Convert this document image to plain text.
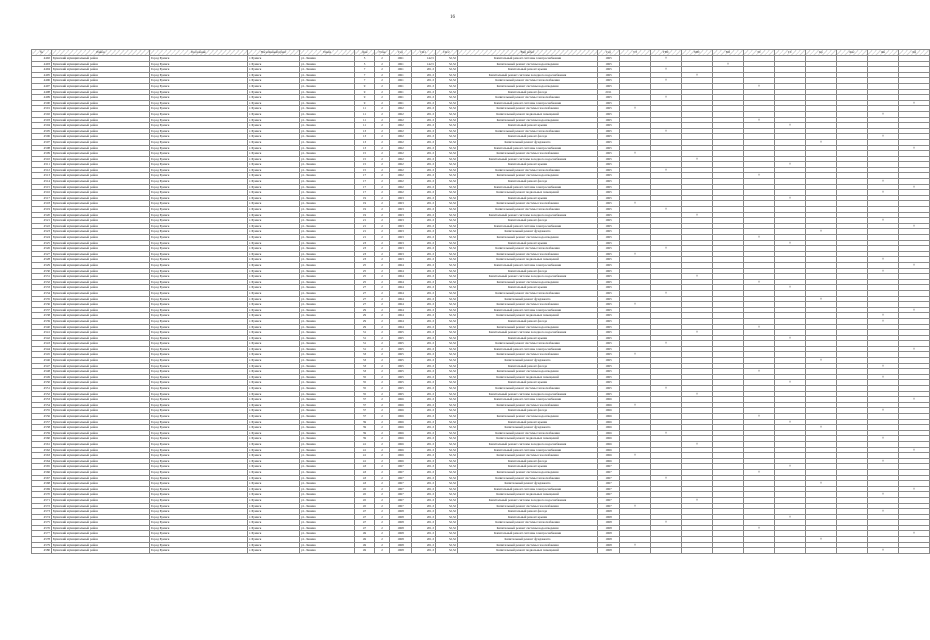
16
№	Район	Поселение	Населённый пункт	Улица	Дом	Этаж	Год	Пл.1	Пл.2	Вид работ	Год	ТЭ	ГВС	ХВС	ВО	ЭС	ГС	Кр	Фас	Фн	Лф
4492	Буинский муниципальный район	Город Буинск	г. Буинск	ул. Ленина	5	2	1961	142,5	52,52	Капитальный ремонт системы электроснабжения	1965		×								
4493	Буинский муниципальный район	Город Буинск	г. Буинск	ул. Ленина	5	2	1961	142,5	52,52	Капитальный ремонт системы водоотведения	1965				×						
4494	Буинский муниципальный район	Город Буинск	г. Буинск	ул. Ленина	7	2	1961	201,3	52,52	Капитальный ремонт крыши	1965		×								
4495	Буинский муниципальный район	Город Буинск	г. Буинск	ул. Ленина	7	2	1961	201,3	52,52	Капитальный ремонт системы холодного водоснабжения	1965			×							
4496	Буинский муниципальный район	Город Буинск	г. Буинск	ул. Ленина	7	2	1961	201,3	52,52	Капитальный ремонт системы теплоснабжения	1965		×								
4497	Буинский муниципальный район	Город Буинск	г. Буинск	ул. Ленина	9	2	1961	201,3	52,52	Капитальный ремонт системы водоотведения	1965					×					
4498	Буинский муниципальный район	Город Буинск	г. Буинск	ул. Ленина	9	2	1961	201,3	52,52	Капитальный ремонт фасада	2011										
4499	Буинский муниципальный район	Город Буинск	г. Буинск	ул. Ленина	9	2	1961	201,3	52,52	Капитальный ремонт системы теплоснабжения	1965		×								
4500	Буинский муниципальный район	Город Буинск	г. Буинск	ул. Ленина	9	2	1961	201,3	52,52	Капитальный ремонт системы электроснабжения	1965										×
4501	Буинский муниципальный район	Город Буинск	г. Буинск	ул. Ленина	11	2	1962	201,3	52,52	Капитальный ремонт системы газоснабжения	1965	×									
4502	Буинский муниципальный район	Город Буинск	г. Буинск	ул. Ленина	11	2	1962	201,3	52,52	Капитальный ремонт подвальных помещений	1965									×	
4503	Буинский муниципальный район	Город Буинск	г. Буинск	ул. Ленина	11	2	1962	201,3	52,52	Капитальный ремонт системы водоотведения	1965					×					
4504	Буинский муниципальный район	Город Буинск	г. Буинск	ул. Ленина	11	2	1962	201,3	52,52	Капитальный ремонт крыши	1965						×				
4505	Буинский муниципальный район	Город Буинск	г. Буинск	ул. Ленина	13	2	1962	201,3	52,52	Капитальный ремонт системы теплоснабжения	1965		×								
4506	Буинский муниципальный район	Город Буинск	г. Буинск	ул. Ленина	13	2	1962	201,3	52,52	Капитальный ремонт фасада	1965									×	
4507	Буинский муниципальный район	Город Буинск	г. Буинск	ул. Ленина	13	2	1962	201,3	52,52	Капитальный ремонт фундамента	1965							×			
4508	Буинский муниципальный район	Город Буинск	г. Буинск	ул. Ленина	13	2	1962	201,3	52,52	Капитальный ремонт системы электроснабжения	1965										×
4509	Буинский муниципальный район	Город Буинск	г. Буинск	ул. Ленина	15	2	1962	201,3	52,52	Капитальный ремонт системы газоснабжения	1965	×									
4510	Буинский муниципальный район	Город Буинск	г. Буинск	ул. Ленина	15	2	1962	201,3	52,52	Капитальный ремонт системы холодного водоснабжения	1965			×							
4511	Буинский муниципальный район	Город Буинск	г. Буинск	ул. Ленина	15	2	1962	201,3	52,52	Капитальный ремонт крыши	1965						×				
4512	Буинский муниципальный район	Город Буинск	г. Буинск	ул. Ленина	15	2	1962	201,3	52,52	Капитальный ремонт системы теплоснабжения	1965		×								
4513	Буинский муниципальный район	Город Буинск	г. Буинск	ул. Ленина	17	2	1962	201,3	52,52	Капитальный ремонт системы водоотведения	1965					×					
4514	Буинский муниципальный район	Город Буинск	г. Буинск	ул. Ленина	17	2	1962	201,3	52,52	Капитальный ремонт фасада	1965									×	
4515	Буинский муниципальный район	Город Буинск	г. Буинск	ул. Ленина	17	2	1962	201,3	52,52	Капитальный ремонт системы электроснабжения	1965										×
4516	Буинский муниципальный район	Город Буинск	г. Буинск	ул. Ленина	17	2	1962	201,3	52,52	Капитальный ремонт подвальных помещений	1965									×	
4517	Буинский муниципальный район	Город Буинск	г. Буинск	ул. Ленина	19	2	1963	201,3	52,52	Капитальный ремонт крыши	1965						×				
4518	Буинский муниципальный район	Город Буинск	г. Буинск	ул. Ленина	19	2	1963	201,3	52,52	Капитальный ремонт системы газоснабжения	1965	×									
4519	Буинский муниципальный район	Город Буинск	г. Буинск	ул. Ленина	19	2	1963	201,3	52,52	Капитальный ремонт системы теплоснабжения	1965		×								
4520	Буинский муниципальный район	Город Буинск	г. Буинск	ул. Ленина	19	2	1963	201,3	52,52	Капитальный ремонт системы холодного водоснабжения	1965			×							
4521	Буинский муниципальный район	Город Буинск	г. Буинск	ул. Ленина	21	2	1963	201,3	52,52	Капитальный ремонт фасада	1965									×	
4522	Буинский муниципальный район	Город Буинск	г. Буинск	ул. Ленина	21	2	1963	201,3	52,52	Капитальный ремонт системы электроснабжения	1965										×
4523	Буинский муниципальный район	Город Буинск	г. Буинск	ул. Ленина	21	2	1963	201,3	52,52	Капитальный ремонт фундамента	1965							×			
4524	Буинский муниципальный район	Город Буинск	г. Буинск	ул. Ленина	21	2	1963	201,3	52,52	Капитальный ремонт системы водоотведения	1965					×					
4525	Буинский муниципальный район	Город Буинск	г. Буинск	ул. Ленина	23	2	1963	201,3	52,52	Капитальный ремонт крыши	1965						×				
4526	Буинский муниципальный район	Город Буинск	г. Буинск	ул. Ленина	23	2	1963	201,3	52,52	Капитальный ремонт системы теплоснабжения	1965		×								
4527	Буинский муниципальный район	Город Буинск	г. Буинск	ул. Ленина	23	2	1963	201,3	52,52	Капитальный ремонт системы газоснабжения	1965	×									
4528	Буинский муниципальный район	Город Буинск	г. Буинск	ул. Ленина	23	2	1963	201,3	52,52	Капитальный ремонт подвальных помещений	1965									×	
4529	Буинский муниципальный район	Город Буинск	г. Буинск	ул. Ленина	25	2	1964	201,3	52,52	Капитальный ремонт системы электроснабжения	1965										×
4530	Буинский муниципальный район	Город Буинск	г. Буинск	ул. Ленина	25	2	1964	201,3	52,52	Капитальный ремонт фасада	1965									×	
4531	Буинский муниципальный район	Город Буинск	г. Буинск	ул. Ленина	25	2	1964	201,3	52,52	Капитальный ремонт системы холодного водоснабжения	1965			×							
4532	Буинский муниципальный район	Город Буинск	г. Буинск	ул. Ленина	25	2	1964	201,3	52,52	Капитальный ремонт системы водоотведения	1965					×					
4533	Буинский муниципальный район	Город Буинск	г. Буинск	ул. Ленина	27	2	1964	201,3	52,52	Капитальный ремонт крыши	1965						×				
4534	Буинский муниципальный район	Город Буинск	г. Буинск	ул. Ленина	27	2	1964	201,3	52,52	Капитальный ремонт системы теплоснабжения	1965		×								
4535	Буинский муниципальный район	Город Буинск	г. Буинск	ул. Ленина	27	2	1964	201,3	52,52	Капитальный ремонт фундамента	1965							×			
4536	Буинский муниципальный район	Город Буинск	г. Буинск	ул. Ленина	27	2	1964	201,3	52,52	Капитальный ремонт системы газоснабжения	1965	×									
4537	Буинский муниципальный район	Город Буинск	г. Буинск	ул. Ленина	29	2	1964	201,3	52,52	Капитальный ремонт системы электроснабжения	1965										×
4538	Буинский муниципальный район	Город Буинск	г. Буинск	ул. Ленина	29	2	1964	201,3	52,52	Капитальный ремонт подвальных помещений	1965									×	
4539	Буинский муниципальный район	Город Буинск	г. Буинск	ул. Ленина	29	2	1964	201,3	52,52	Капитальный ремонт фасада	1965									×	
4540	Буинский муниципальный район	Город Буинск	г. Буинск	ул. Ленина	29	2	1964	201,3	52,52	Капитальный ремонт системы водоотведения	1965					×					
4541	Буинский муниципальный район	Город Буинск	г. Буинск	ул. Ленина	31	2	1965	201,3	52,52	Капитальный ремонт системы холодного водоснабжения	1965			×							
4542	Буинский муниципальный район	Город Буинск	г. Буинск	ул. Ленина	31	2	1965	201,3	52,52	Капитальный ремонт крыши	1965						×				
4543	Буинский муниципальный район	Город Буинск	г. Буинск	ул. Ленина	31	2	1965	201,3	52,52	Капитальный ремонт системы теплоснабжения	1965		×								
4544	Буинский муниципальный район	Город Буинск	г. Буинск	ул. Ленина	31	2	1965	201,3	52,52	Капитальный ремонт системы электроснабжения	1965										×
4545	Буинский муниципальный район	Город Буинск	г. Буинск	ул. Ленина	33	2	1965	201,3	52,52	Капитальный ремонт системы газоснабжения	1965	×									
4546	Буинский муниципальный район	Город Буинск	г. Буинск	ул. Ленина	33	2	1965	201,3	52,52	Капитальный ремонт фундамента	1965							×			
4547	Буинский муниципальный район	Город Буинск	г. Буинск	ул. Ленина	33	2	1965	201,3	52,52	Капитальный ремонт фасада	1965									×	
4548	Буинский муниципальный район	Город Буинск	г. Буинск	ул. Ленина	33	2	1965	201,3	52,52	Капитальный ремонт системы водоотведения	1965					×					
4549	Буинский муниципальный район	Город Буинск	г. Буинск	ул. Ленина	35	2	1965	201,3	52,52	Капитальный ремонт подвальных помещений	1965									×	
4550	Буинский муниципальный район	Город Буинск	г. Буинск	ул. Ленина	35	2	1965	201,3	52,52	Капитальный ремонт крыши	1965						×				
4551	Буинский муниципальный район	Город Буинск	г. Буинск	ул. Ленина	35	2	1965	201,3	52,52	Капитальный ремонт системы теплоснабжения	1965		×								
4552	Буинский муниципальный район	Город Буинск	г. Буинск	ул. Ленина	35	2	1965	201,3	52,52	Капитальный ремонт системы холодного водоснабжения	1965			×							
4553	Буинский муниципальный район	Город Буинск	г. Буинск	ул. Ленина	37	2	1966	201,3	52,52	Капитальный ремонт системы электроснабжения	1966										×
4554	Буинский муниципальный район	Город Буинск	г. Буинск	ул. Ленина	37	2	1966	201,3	52,52	Капитальный ремонт системы газоснабжения	1966	×									
4555	Буинский муниципальный район	Город Буинск	г. Буинск	ул. Ленина	37	2	1966	201,3	52,52	Капитальный ремонт фасада	1966									×	
4556	Буинский муниципальный район	Город Буинск	г. Буинск	ул. Ленина	37	2	1966	201,3	52,52	Капитальный ремонт системы водоотведения	1966					×					
4557	Буинский муниципальный район	Город Буинск	г. Буинск	ул. Ленина	39	2	1966	201,3	52,52	Капитальный ремонт крыши	1966						×				
4558	Буинский муниципальный район	Город Буинск	г. Буинск	ул. Ленина	39	2	1966	201,3	52,52	Капитальный ремонт фундамента	1966							×			
4559	Буинский муниципальный район	Город Буинск	г. Буинск	ул. Ленина	39	2	1966	201,3	52,52	Капитальный ремонт системы теплоснабжения	1966		×								
4560	Буинский муниципальный район	Город Буинск	г. Буинск	ул. Ленина	39	2	1966	201,3	52,52	Капитальный ремонт подвальных помещений	1966									×	
4561	Буинский муниципальный район	Город Буинск	г. Буинск	ул. Ленина	41	2	1966	201,3	52,52	Капитальный ремонт системы холодного водоснабжения	1966			×							
4562	Буинский муниципальный район	Город Буинск	г. Буинск	ул. Ленина	41	2	1966	201,3	52,52	Капитальный ремонт системы электроснабжения	1966										×
4563	Буинский муниципальный район	Город Буинск	г. Буинск	ул. Ленина	41	2	1966	201,3	52,52	Капитальный ремонт системы газоснабжения	1966	×									
4564	Буинский муниципальный район	Город Буинск	г. Буинск	ул. Ленина	41	2	1966	201,3	52,52	Капитальный ремонт фасада	1966									×	
4565	Буинский муниципальный район	Город Буинск	г. Буинск	ул. Ленина	43	2	1967	201,3	52,52	Капитальный ремонт крыши	1967						×				
4566	Буинский муниципальный район	Город Буинск	г. Буинск	ул. Ленина	43	2	1967	201,3	52,52	Капитальный ремонт системы водоотведения	1967					×					
4567	Буинский муниципальный район	Город Буинск	г. Буинск	ул. Ленина	43	2	1967	201,3	52,52	Капитальный ремонт системы теплоснабжения	1967		×								
4568	Буинский муниципальный район	Город Буинск	г. Буинск	ул. Ленина	43	2	1967	201,3	52,52	Капитальный ремонт фундамента	1967							×			
4569	Буинский муниципальный район	Город Буинск	г. Буинск	ул. Ленина	45	2	1967	201,3	52,52	Капитальный ремонт системы электроснабжения	1967										×
4570	Буинский муниципальный район	Город Буинск	г. Буинск	ул. Ленина	45	2	1967	201,3	52,52	Капитальный ремонт подвальных помещений	1967									×	
4571	Буинский муниципальный район	Город Буинск	г. Буинск	ул. Ленина	45	2	1967	201,3	52,52	Капитальный ремонт системы холодного водоснабжения	1967			×							
4572	Буинский муниципальный район	Город Буинск	г. Буинск	ул. Ленина	45	2	1967	201,3	52,52	Капитальный ремонт системы газоснабжения	1967	×									
4573	Буинский муниципальный район	Город Буинск	г. Буинск	ул. Ленина	47	2	1968	201,3	52,52	Капитальный ремонт фасада	1968									×	
4574	Буинский муниципальный район	Город Буинск	г. Буинск	ул. Ленина	47	2	1968	201,3	52,52	Капитальный ремонт крыши	1968						×				
4575	Буинский муниципальный район	Город Буинск	г. Буинск	ул. Ленина	47	2	1968	201,3	52,52	Капитальный ремонт системы теплоснабжения	1968		×								
4576	Буинский муниципальный район	Город Буинск	г. Буинск	ул. Ленина	47	2	1968	201,3	52,52	Капитальный ремонт системы водоотведения	1968					×					
4577	Буинский муниципальный район	Город Буинск	г. Буинск	ул. Ленина	49	2	1968	201,3	52,52	Капитальный ремонт системы электроснабжения	1968										×
4578	Буинский муниципальный район	Город Буинск	г. Буинск	ул. Ленина	49	2	1968	201,3	52,52	Капитальный ремонт фундамента	1968							×			
4579	Буинский муниципальный район	Город Буинск	г. Буинск	ул. Ленина	49	2	1968	201,3	52,52	Капитальный ремонт системы газоснабжения	1968	×									
4580	Буинский муниципальный район	Город Буинск	г. Буинск	ул. Ленина	49	2	1968	201,3	52,52	Капитальный ремонт подвальных помещений	1968									×	
